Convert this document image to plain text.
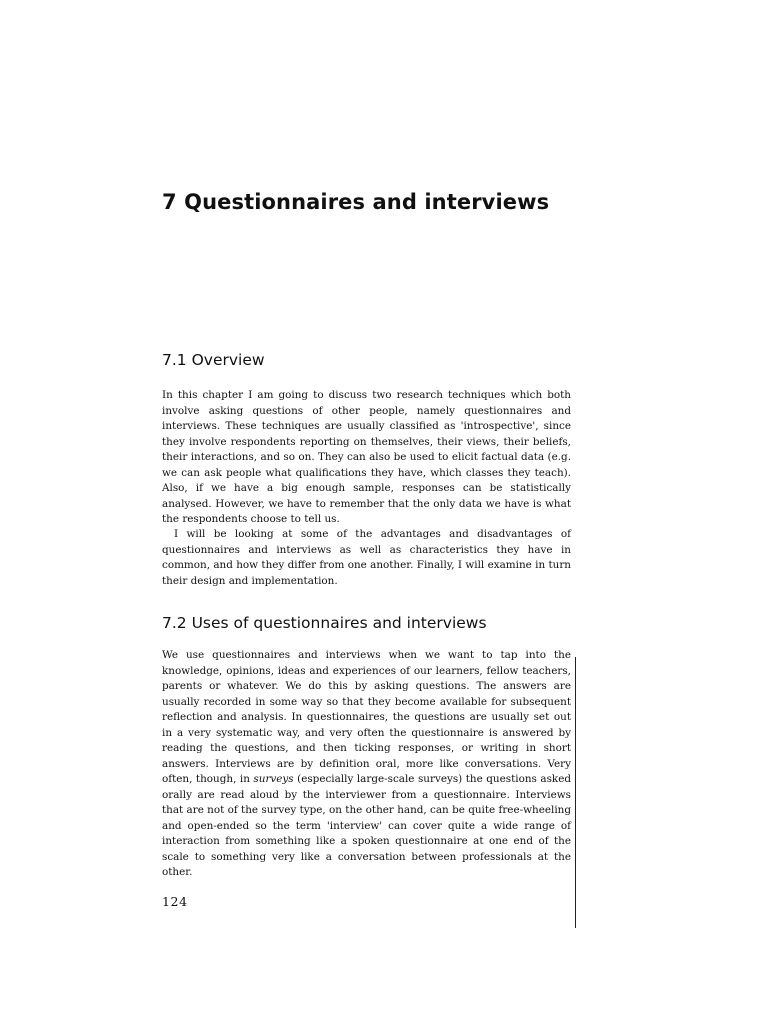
7 Questionnaires and interviews
7.1 Overview

In this chapter I am going to discuss two research techniques which both involve asking questions of other people, namely questionnaires and interviews. These techniques are usually classified as 'introspective', since they involve respondents reporting on themselves, their views, their beliefs, their interactions, and so on. They can also be used to elicit factual data (e.g. we can ask people what qualifications they have, which classes they teach). Also, if we have a big enough sample, responses can be statistically analysed. However, we have to remember that the only data we have is what the respondents choose to tell us.

I will be looking at some of the advantages and disadvantages of questionnaires and interviews as well as characteristics they have in common, and how they differ from one another. Finally, I will examine in turn their design and implementation.

7.2 Uses of questionnaires and interviews

We use questionnaires and interviews when we want to tap into the knowledge, opinions, ideas and experiences of our learners, fellow teachers, parents or whatever. We do this by asking questions. The answers are usually recorded in some way so that they become available for subsequent reflection and analysis. In questionnaires, the questions are usually set out in a very systematic way, and very often the questionnaire is answered by reading the questions, and then ticking responses, or writing in short answers. Interviews are by definition oral, more like conversations. Very often, though, in surveys (especially large-scale surveys) the questions asked orally are read aloud by the interviewer from a questionnaire. Interviews that are not of the survey type, on the other hand, can be quite free-wheeling and open-ended so the term 'interview' can cover quite a wide range of interaction from something like a spoken questionnaire at one end of the scale to something very like a conversation between professionals at the other.

124
